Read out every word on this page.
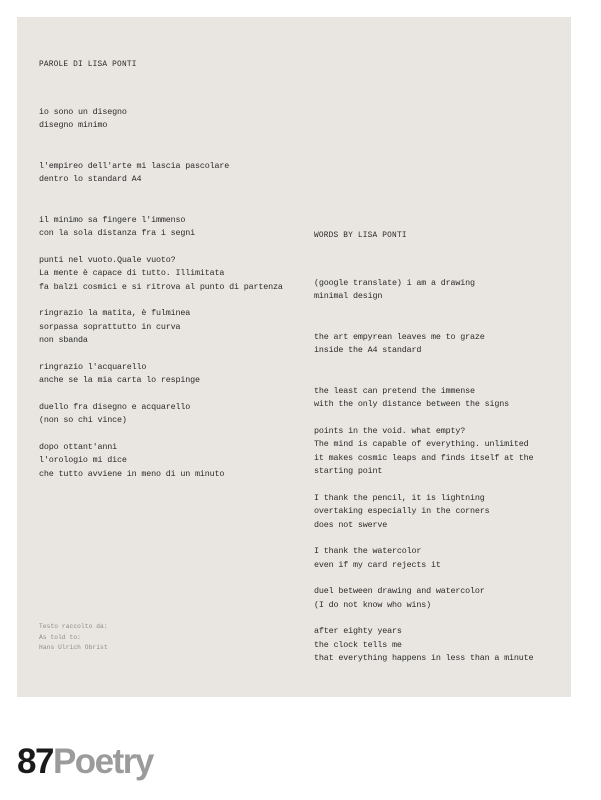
PAROLE DI LISA PONTI
io sono un disegno
disegno minimo
l'empireo dell'arte mi lascia pascolare
dentro lo standard A4
il minimo sa fingere l'immenso
con la sola distanza fra i segni
punti nel vuoto.Quale vuoto?
La mente è capace di tutto. Illimitata
fa balzi cosmici e si ritrova al punto di partenza
ringrazio la matita, è fulminea
sorpassa soprattutto in curva
non sbanda
ringrazio l'acquarello
anche se la mia carta lo respinge
duello fra disegno e acquarello
(non so chi vince)
dopo ottant'anni
l'orologio mi dice
che tutto avviene in meno di un minuto
WORDS BY LISA PONTI
(google translate) i am a drawing
minimal design
the art empyrean leaves me to graze
inside the A4 standard
the least can pretend the immense
with the only distance between the signs
points in the void. what empty?
The mind is capable of everything. unlimited
it makes cosmic leaps and finds itself at the
starting point
I thank the pencil, it is lightning
overtaking especially in the corners
does not swerve
I thank the watercolor
even if my card rejects it
duel between drawing and watercolor
(I do not know who wins)
after eighty years
the clock tells me
that everything happens in less than a minute
Testo raccolto da:
As told to:
Hans Ulrich Obrist
87Poetry
